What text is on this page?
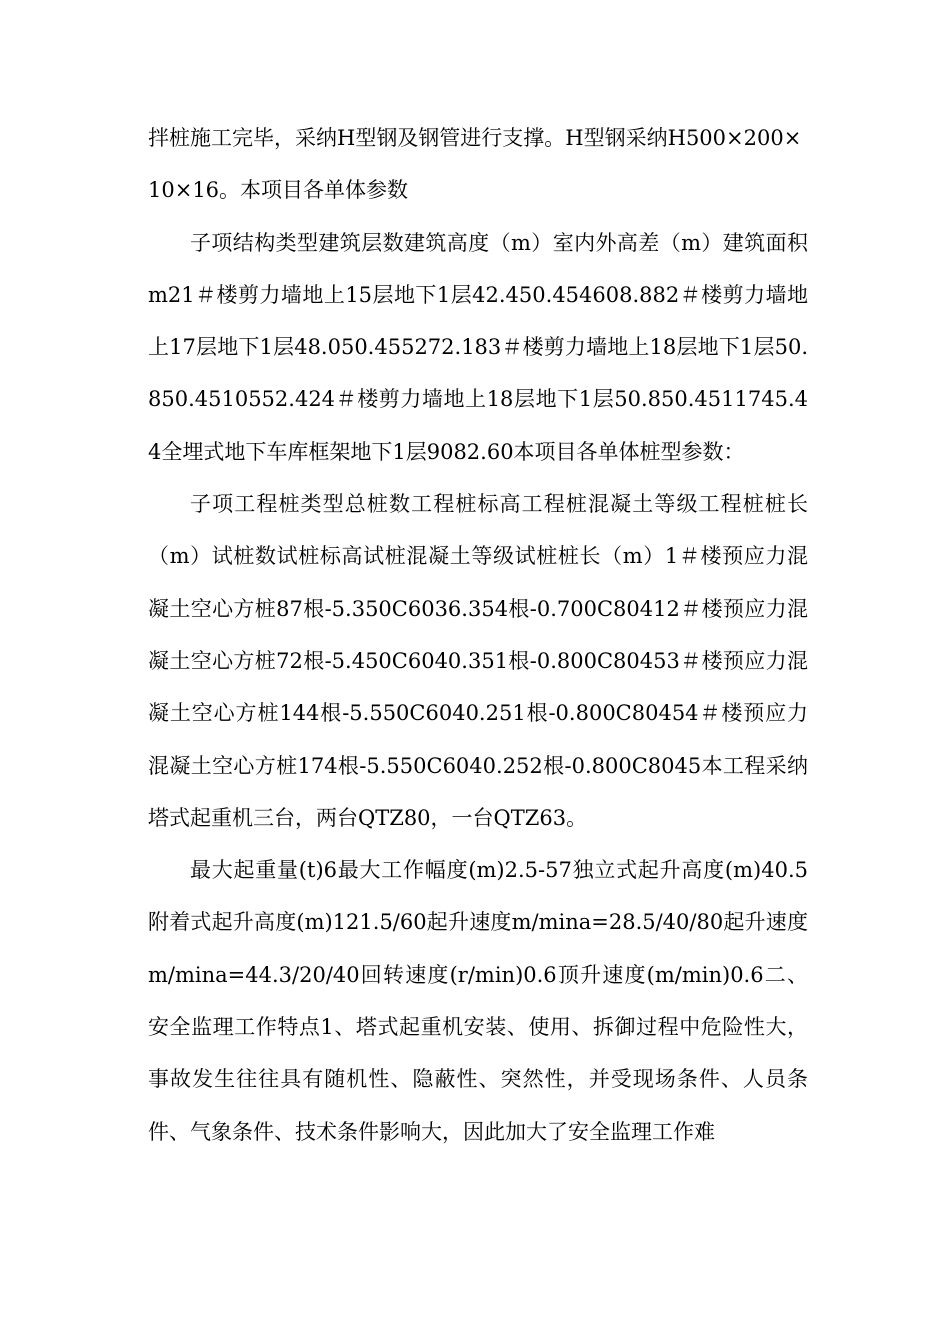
拌桩施工完毕，采纳H型钢及钢管进行支撑。H型钢采纳H500×200×10×16。本项目各单体参数

子项结构类型建筑层数建筑高度（m）室内外高差（m）建筑面积m21＃楼剪力墙地上15层地下1层42.450.454608.882＃楼剪力墙地上17层地下1层48.050.455272.183＃楼剪力墙地上18层地下1层50.850.4510552.424＃楼剪力墙地上18层地下1层50.850.4511745.44全埋式地下车库框架地下1层9082.60本项目各单体桩型参数：

子项工程桩类型总桩数工程桩标高工程桩混凝土等级工程桩桩长（m）试桩数试桩标高试桩混凝土等级试桩桩长（m）1＃楼预应力混凝土空心方桩87根-5.350C6036.354根-0.700C80412＃楼预应力混凝土空心方桩72根-5.450C6040.351根-0.800C80453＃楼预应力混凝土空心方桩144根-5.550C6040.251根-0.800C80454＃楼预应力混凝土空心方桩174根-5.550C6040.252根-0.800C8045本工程采纳塔式起重机三台，两台QTZ80，一台QTZ63。

最大起重量(t)6最大工作幅度(m)2.5-57独立式起升高度(m)40.5附着式起升高度(m)121.5/60起升速度m/mina=28.5/40/80起升速度m/mina=44.3/20/40回转速度(r/min)0.6顶升速度(m/min)0.6二、安全监理工作特点1、塔式起重机安装、使用、拆御过程中危险性大，事故发生往往具有随机性、隐蔽性、突然性，并受现场条件、人员条件、气象条件、技术条件影响大，因此加大了安全监理工作难
